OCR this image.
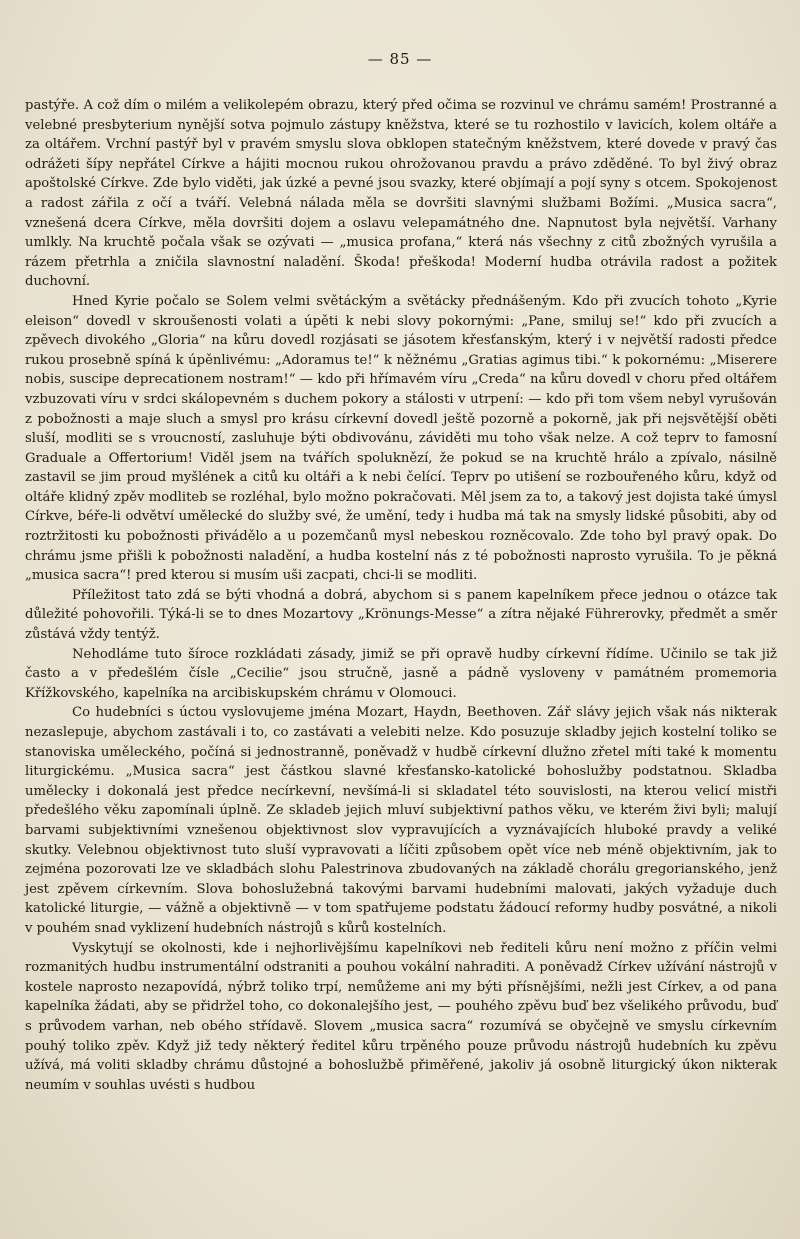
— 85 —

pastýře. A což dím o milém a velikolepém obrazu, který před očima se rozvinul ve chrámu samém! Prostranné a velebné presbyterium nynější sotva pojmulo zástupy kněžstva, které se tu rozhostilo v lavicích, kolem oltáře a za oltářem. Vrchní pastýř byl v pravém smyslu slova obklopen statečným kněžstvem, které dovede v pravý čas odrážeti šípy nepřátel Církve a hájiti mocnou rukou ohrožovanou pravdu a právo zděděné. To byl živý obraz apoštolské Církve. Zde bylo viděti, jak úzké a pevné jsou svazky, které objímají a pojí syny s otcem. Spokojenost a radost zářila z očí a tváří. Velebná nálada měla se dovršiti slavnými službami Božími. „Musica sacra“, vznešená dcera Církve, měla dovršiti dojem a oslavu velepamátného dne. Napnutost byla největší. Varhany umlkly. Na kruchtě počala však se ozývati — „musica profana,“ která nás všechny z citů zbožných vyrušila a rázem přetrhla a zničila slavnostní naladění. Škoda! přeškoda! Moderní hudba otrávila radost a požitek duchovní.

Hned Kyrie počalo se Solem velmi světáckým a světácky přednášeným. Kdo při zvucích tohoto „Kyrie eleison“ dovedl v skroušenosti volati a úpěti k nebi slovy pokornými: „Pane, smiluj se!“ kdo při zvucích a zpěvech divokého „Gloria“ na kůru dovedl rozjásati se jásotem křesťanským, který i v největší radosti předce rukou prosebně spíná k úpěnlivému: „Adoramus te!“ k něžnému „Gratias agimus tibi.“ k pokornému: „Miserere nobis, suscipe deprecationem nostram!“ — kdo při hřímavém víru „Creda“ na kůru dovedl v choru před oltářem vzbuzovati víru v srdci skálopevném s duchem pokory a stálosti v utrpení: — kdo při tom všem nebyl vyrušován z pobožnosti a maje sluch a smysl pro krásu církevní dovedl ještě pozorně a pokorně, jak při nejsvětější oběti sluší, modliti se s vroucností, zasluhuje býti obdivovánu, záviděti mu toho však nelze. A což teprv to famosní Graduale a Offertorium! Viděl jsem na tvářích spoluknězí, že pokud se na kruchtě hrálo a zpívalo, násilně zastavil se jim proud myšlének a citů ku oltáři a k nebi čelící. Teprv po utišení se rozbouřeného kůru, když od oltáře klidný zpěv modliteb se rozléhal, bylo možno pokračovati. Měl jsem za to, a takový jest dojista také úmysl Církve, béře-li odvětví umělecké do služby své, že umění, tedy i hudba má tak na smysly lidské působiti, aby od roztržitosti ku pobožnosti přivádělo a u pozemčanů mysl nebeskou rozněcovalo. Zde toho byl pravý opak. Do chrámu jsme přišli k pobožnosti naladění, a hudba kostelní nás z té pobožnosti naprosto vyrušila. To je pěkná „musica sacra“! pred kterou si musím uši zacpati, chci-li se modliti.

Příležitost tato zdá se býti vhodná a dobrá, abychom si s panem kapelníkem přece jednou o otázce tak důležité pohovořili. Týká-li se to dnes Mozartovy „Krönungs-Messe“ a zítra nějaké Führerovky, předmět a směr zůstává vždy tentýž.

Nehodláme tuto šíroce rozkládati zásady, jimiž se při opravě hudby církevní řídíme. Učinilo se tak již často a v předešlém čísle „Cecilie“ jsou stručně, jasně a pádně vysloveny v památném promemoria Křížkovského, kapelníka na arcibiskupském chrámu v Olomouci.

Co hudebníci s úctou vyslovujeme jména Mozart, Haydn, Beethoven. Zář slávy jejich však nás nikterak nezaslepuje, abychom zastávali i to, co zastávati a velebiti nelze. Kdo posuzuje skladby jejich kostelní toliko se stanoviska uměleckého, počíná si jednostranně, poněvadž v hudbě církevní dlužno zřetel míti také k momentu liturgickému. „Musica sacra“ jest částkou slavné křesťansko-katolické bohoslužby podstatnou. Skladba umělecky i dokonalá jest předce necírkevní, nevšímá-li si skladatel této souvislosti, na kterou velicí mistři předešlého věku zapomínali úplně. Ze skladeb jejich mluví subjektivní pathos věku, ve kterém živi byli; malují barvami subjektivními vznešenou objektivnost slov vypravujících a vyznávajících hluboké pravdy a veliké skutky. Velebnou objektivnost tuto sluší vypravovati a líčiti způsobem opět více neb méně objektivním, jak to zejména pozorovati lze ve skladbách slohu Palestrinova zbudovaných na základě chorálu gregorianského, jenž jest zpěvem církevním. Slova bohoslužebná takovými barvami hudebními malovati, jakých vyžaduje duch katolické liturgie, — vážně a objektivně — v tom spatřujeme podstatu žádoucí reformy hudby posvátné, a nikoli v pouhém snad vyklizení hudebních nástrojů s kůrů kostelních.

Vyskytují se okolnosti, kde i nejhorlivějšímu kapelníkovi neb řediteli kůru není možno z příčin velmi rozmanitých hudbu instrumentální odstraniti a pouhou vokální nahraditi. A poněvadž Církev užívání nástrojů v kostele naprosto nezapovídá, nýbrž toliko trpí, nemůžeme ani my býti přísnějšími, nežli jest Církev, a od pana kapelníka žádati, aby se přidržel toho, co dokonalejšího jest, — pouhého zpěvu buď bez všelikého průvodu, buď s průvodem varhan, neb obého střídavě. Slovem „musica sacra“ rozumívá se obyčejně ve smyslu církevním pouhý toliko zpěv. Když již tedy některý ředitel kůru trpěného pouze průvodu nástrojů hudebních ku zpěvu užívá, má voliti skladby chrámu důstojné a bohoslužbě přiměřené, jakoliv já osobně liturgický úkon nikterak neumím v souhlas uvésti s hudbou
